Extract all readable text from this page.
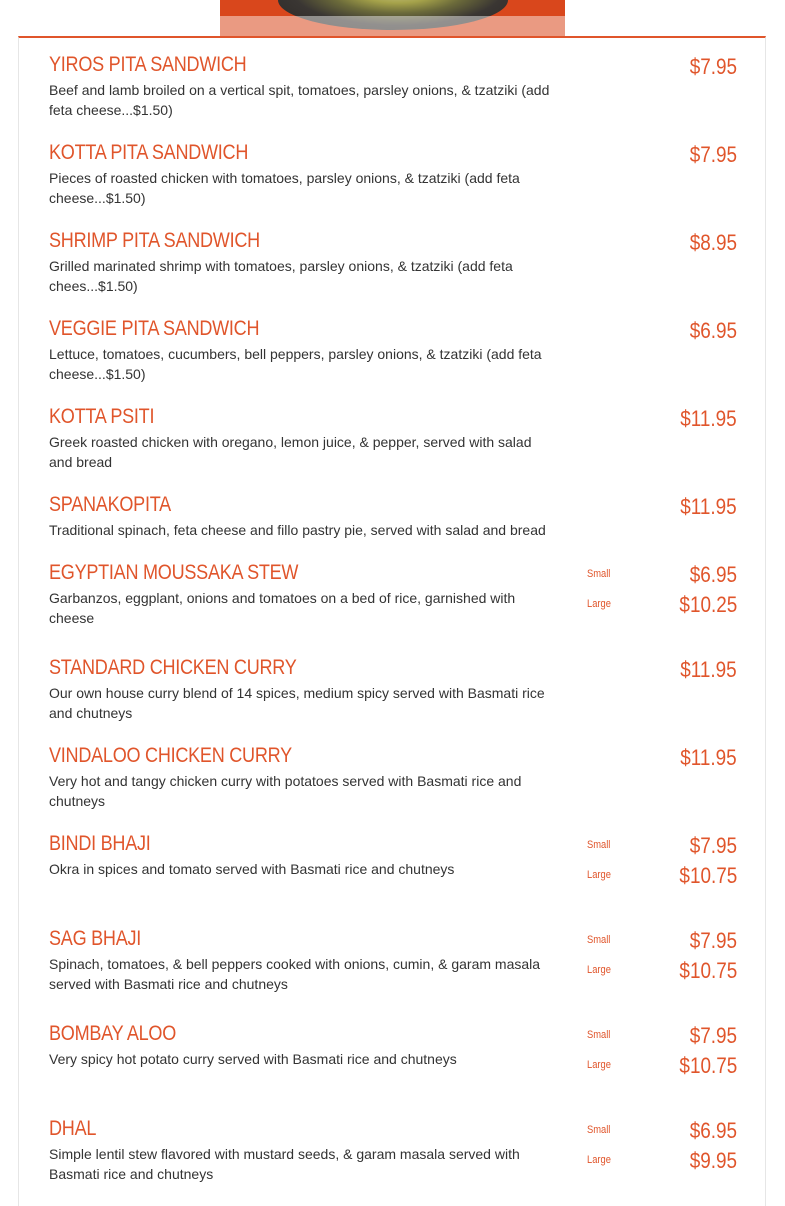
YIROS PITA SANDWICH
Beef and lamb broiled on a vertical spit, tomatoes, parsley onions, & tzatziki (add feta cheese...$1.50)
$7.95
KOTTA PITA SANDWICH
Pieces of roasted chicken with tomatoes, parsley onions, & tzatziki (add feta cheese...$1.50)
$7.95
SHRIMP PITA SANDWICH
Grilled marinated shrimp with tomatoes, parsley onions, & tzatziki (add feta chees...$1.50)
$8.95
VEGGIE PITA SANDWICH
Lettuce, tomatoes, cucumbers, bell peppers, parsley onions, & tzatziki (add feta cheese...$1.50)
$6.95
KOTTA PSITI
Greek roasted chicken with oregano, lemon juice, & pepper, served with salad and bread
$11.95
SPANAKOPITA
Traditional spinach, feta cheese and fillo pastry pie, served with salad and bread
$11.95
EGYPTIAN MOUSSAKA STEW
Garbanzos, eggplant, onions and tomatoes on a bed of rice, garnished with cheese
Small	$6.95
Large	$10.25
STANDARD CHICKEN CURRY
Our own house curry blend of 14 spices, medium spicy served with Basmati rice and chutneys
$11.95
VINDALOO CHICKEN CURRY
Very hot and tangy chicken curry with potatoes served with Basmati rice and chutneys
$11.95
BINDI BHAJI
Okra in spices and tomato served with Basmati rice and chutneys
Small	$7.95
Large	$10.75
SAG BHAJI
Spinach, tomatoes, & bell peppers cooked with onions, cumin, & garam masala served with Basmati rice and chutneys
Small	$7.95
Large	$10.75
BOMBAY ALOO
Very spicy hot potato curry served with Basmati rice and chutneys
Small	$7.95
Large	$10.75
DHAL
Simple lentil stew flavored with mustard seeds, & garam masala served with Basmati rice and chutneys
Small	$6.95
Large	$9.95
